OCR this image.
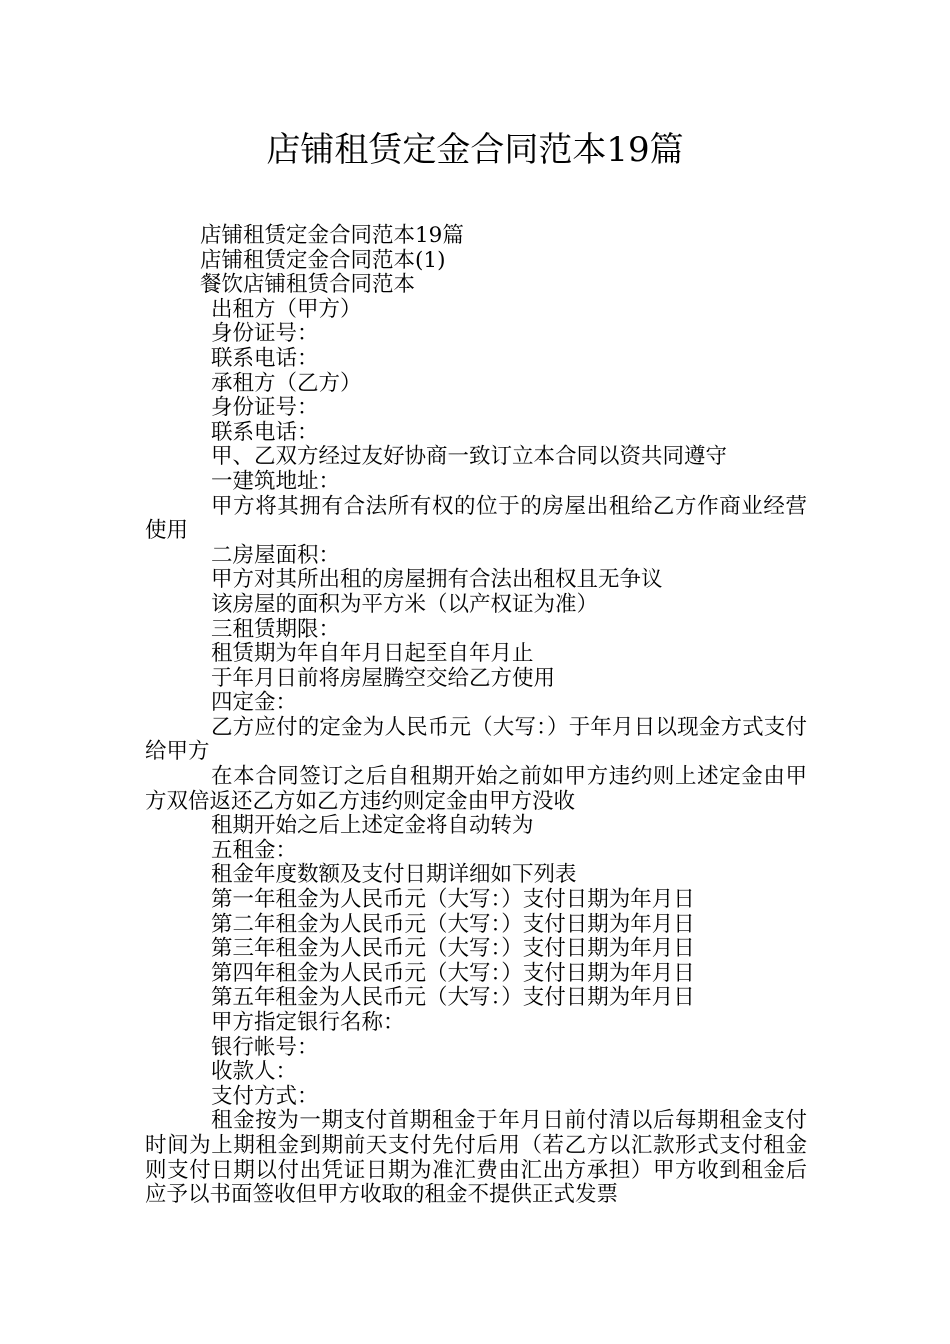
店铺租赁定金合同范本19篇

店铺租赁定金合同范本19篇

店铺租赁定金合同范本(1)

餐饮店铺租赁合同范本

出租方（甲方）

身份证号：

联系电话：

承租方（乙方）

身份证号：

联系电话：

甲、乙双方经过友好协商一致订立本合同以资共同遵守

一建筑地址：

甲方将其拥有合法所有权的位于的房屋出租给乙方作商业经营使用

二房屋面积：

甲方对其所出租的房屋拥有合法出租权且无争议

该房屋的面积为平方米（以产权证为准）

三租赁期限：

租赁期为年自年月日起至自年月止

于年月日前将房屋腾空交给乙方使用

四定金：

乙方应付的定金为人民币元（大写：）于年月日以现金方式支付给甲方

在本合同签订之后自租期开始之前如甲方违约则上述定金由甲方双倍返还乙方如乙方违约则定金由甲方没收

租期开始之后上述定金将自动转为

五租金：

租金年度数额及支付日期详细如下列表

第一年租金为人民币元（大写：）支付日期为年月日

第二年租金为人民币元（大写：）支付日期为年月日

第三年租金为人民币元（大写：）支付日期为年月日

第四年租金为人民币元（大写：）支付日期为年月日

第五年租金为人民币元（大写：）支付日期为年月日

甲方指定银行名称：

银行帐号：

收款人：

支付方式：

租金按为一期支付首期租金于年月日前付清以后每期租金支付时间为上期租金到期前天支付先付后用（若乙方以汇款形式支付租金则支付日期以付出凭证日期为准汇费由汇出方承担）甲方收到租金后应予以书面签收但甲方收取的租金不提供正式发票
